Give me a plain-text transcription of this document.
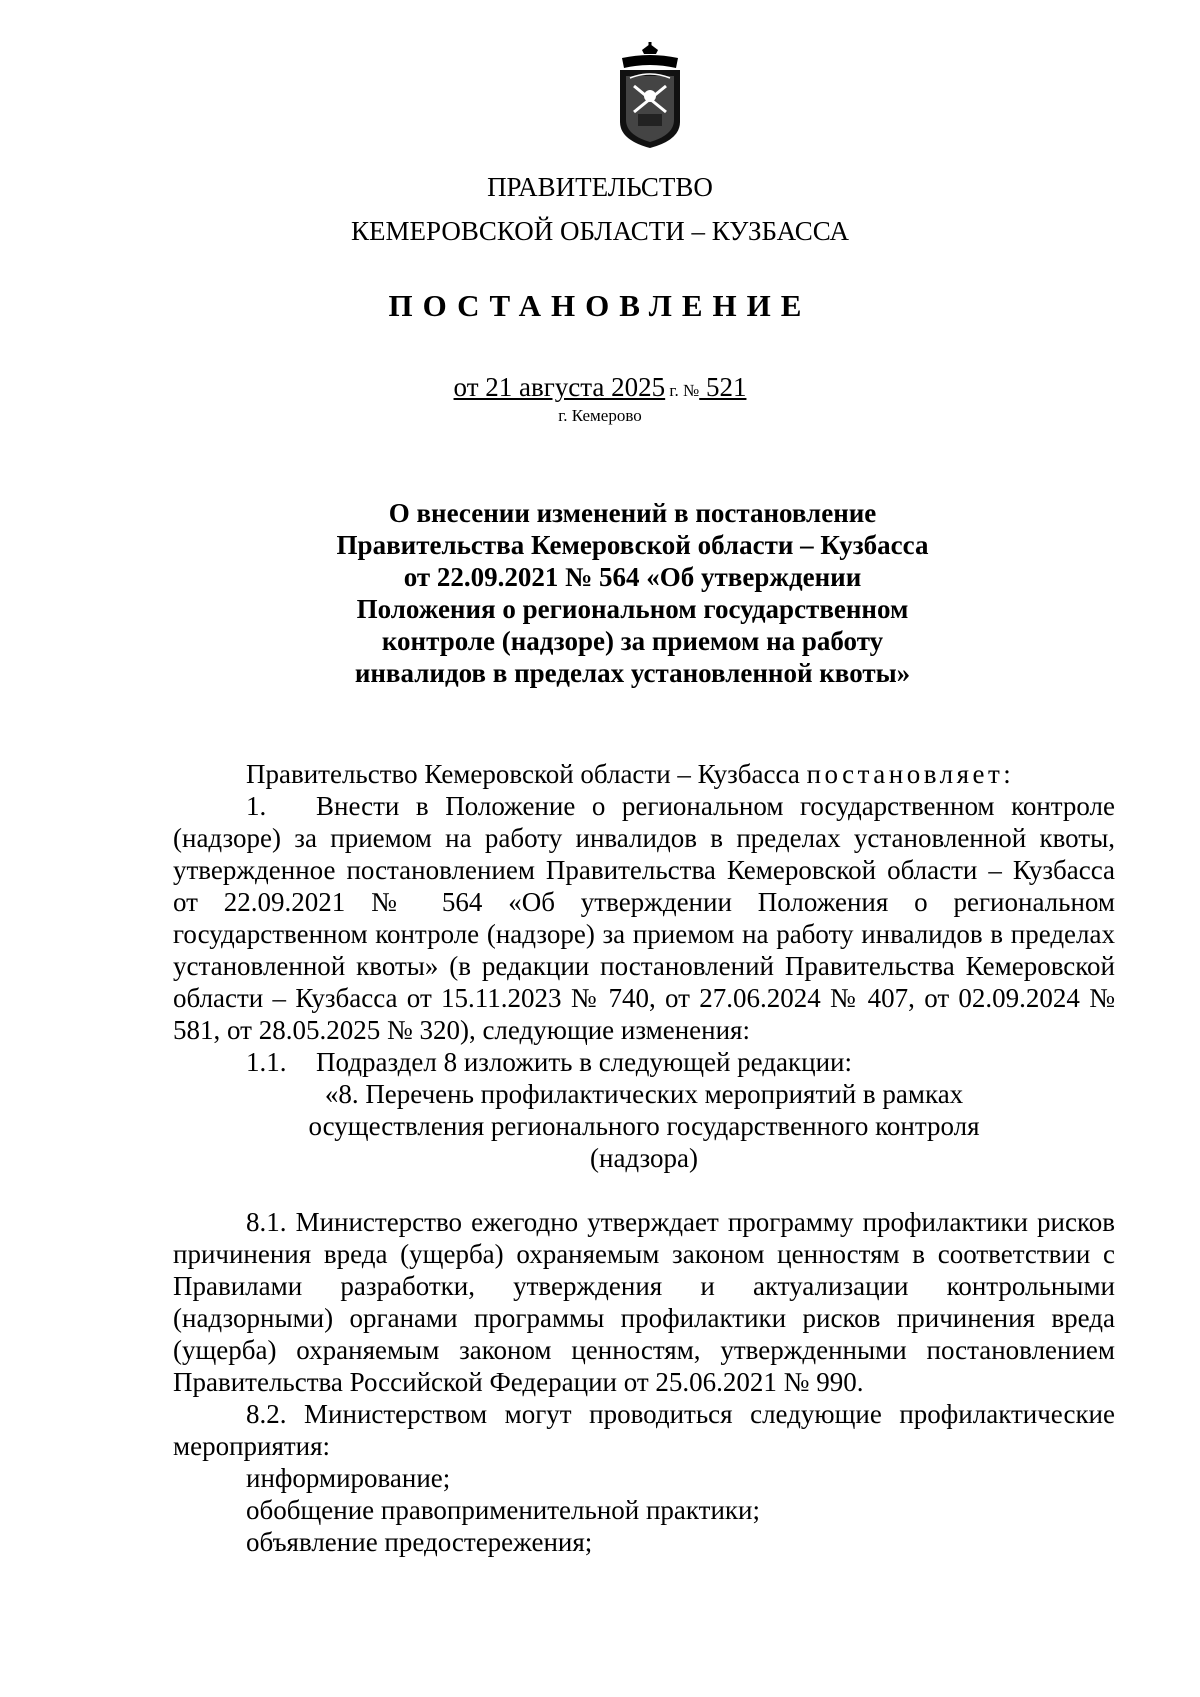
ПРАВИТЕЛЬСТВО
КЕМЕРОВСКОЙ ОБЛАСТИ – КУЗБАССА
ПОСТАНОВЛЕНИЕ
от 21 августа 2025 г. № 521
г. Кемерово
О внесении изменений в постановление
Правительства Кемеровской области – Кузбасса
от 22.09.2021 № 564 «Об утверждении
Положения о региональном государственном
контроле (надзоре) за приемом на работу
инвалидов в пределах установленной квоты»

Правительство Кемеровской области – Кузбасса постановляет:

1. Внести в Положение о региональном государственном контроле (надзоре) за приемом на работу инвалидов в пределах установленной квоты, утвержденное постановлением Правительства Кемеровской области – Кузбасса от 22.09.2021 № 564 «Об утверждении Положения о региональном государственном контроле (надзоре) за приемом на работу инвалидов в пределах установленной квоты» (в редакции постановлений Правительства Кемеровской области – Кузбасса от 15.11.2023 № 740, от 27.06.2024 № 407, от 02.09.2024 № 581, от 28.05.2025 № 320), следующие изменения:

1.1. Подраздел 8 изложить в следующей редакции:

«8. Перечень профилактических мероприятий в рамках осуществления регионального государственного контроля (надзора)

8.1. Министерство ежегодно утверждает программу профилактики рисков причинения вреда (ущерба) охраняемым законом ценностям в соответствии с Правилами разработки, утверждения и актуализации контрольными (надзорными) органами программы профилактики рисков причинения вреда (ущерба) охраняемым законом ценностям, утвержденными постановлением Правительства Российской Федерации от 25.06.2021 № 990.

8.2. Министерством могут проводиться следующие профилактические мероприятия:

информирование;

обобщение правоприменительной практики;

объявление предостережения;
